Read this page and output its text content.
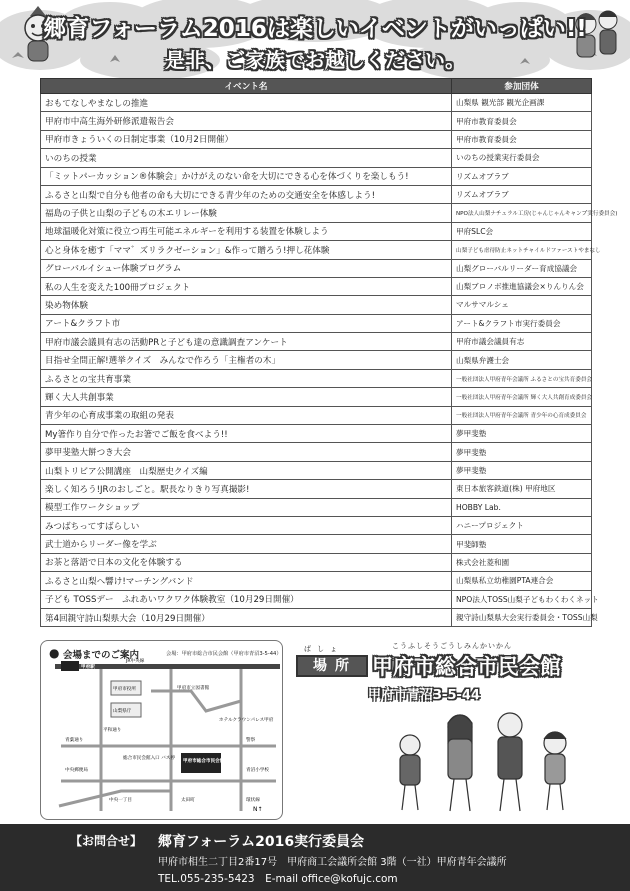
郷育フォーラム2016は楽しいイベントがいっぱい!!
是非、ご家族でお越しください。
イベント名	参加団体
おもてなしやまなしの推進	山梨県 観光部 観光企画課
甲府市中高生海外研修派遣報告会	甲府市教育委員会
甲府市きょういくの日制定事業（10月2日開催）	甲府市教育委員会
いのちの授業	いのちの授業実行委員会
「ミットパーカッション®体験会」かけがえのない命を大切にできる心を体づくりを楽しもう!	リズムオブラブ
ふるさと山梨で自分も他者の命も大切にできる青少年のための交通安全を体感しよう!	リズムオブラブ
福島の子供と山梨の子どもの木エリレー体験	NPO法人山梨ナチュラル工房(じゃんじゃんキャンプ実行委員会)
地球温暖化対策に役立つ再生可能エネルギーを利用する装置を体験しよう	甲府SLC会
心と身体を癒す「ママ゛ズリラクゼーション」&作って贈ろう!押し花体験	山梨子ども虐待防止ネットチャイルドファーストやまなし
グローバルイシュー体験プログラム	山梨グローバルリーダー育成協議会
私の人生を変えた100冊プロジェクト	山梨ブロノボ推進協議会×りんりん会
染め物体験	マルサマルシェ
アート&クラフト市	アート&クラフト市実行委員会
甲府市議会議員有志の活動PRと子ども達の意識調査アンケート	甲府市議会議員有志
目指せ全問正解!選挙クイズ　みんなで作ろう「主権者の木」	山梨県弁護士会
ふるさとの宝共育事業	一般社団法人甲府青年会議所 ふるさとの宝共育委員会
輝く大人共創事業	一般社団法人甲府青年会議所 輝く大人共創育成委員会
青少年の心育成事業の取組の発表	一般社団法人甲府青年会議所 青少年の心育成委員会
My箸作り自分で作ったお箸でご飯を食べよう!!	夢甲斐塾
夢甲斐塾大餅つき大会	夢甲斐塾
山梨トリビア公開講座　山梨歴史クイズ編	夢甲斐塾
楽しく知ろう!JRのおしごと。駅長なりきり写真撮影!	東日本旅客鉄道(株) 甲府地区
模型工作ワークショップ	HOBBY Lab.
みつばちってすばらしい	ハニープロジェクト
武士道からリーダー像を学ぶ	甲斐師塾
お茶と落語で日本の文化を体験する	株式会社菱和園
ふるさと山梨へ響け!マーチングバンド	山梨県私立幼稚園PTA連合会
子ども TOSSデー　ふれあいワクワク体験教室（10月29日開催）	NPO法人TOSS山梨子どもわくわくネット
第4回親守詩山梨県大会（10月29日開催）	親守詩山梨県大会実行委員会・TOSS山梨
● 会場までのご案内	会場：甲府市総合市民会館（甲府市青沼3-5-44）
甲府駅
JR中央線
甲府市役所
山梨県庁
甲府市立図書館
ホテルクラウンパレス甲府
警察
甲府市総合市民会館
青沼小学校
青葉通り
平和通り
総合市民会館入口 バス停
中央一丁目	太田町
中央郵便局
環状線
N↑
ばしょ
場所
こうふしそうごうしみんかいかん
甲府市総合市民会館
甲府市青沼3-5-44
【お問合せ】 郷育フォーラム2016実行委員会
甲府市相生二丁目2番17号　甲府商工会議所会館 3階（一社）甲府青年会議所
TEL.055-235-5423　E-mail office@kofujc.com
